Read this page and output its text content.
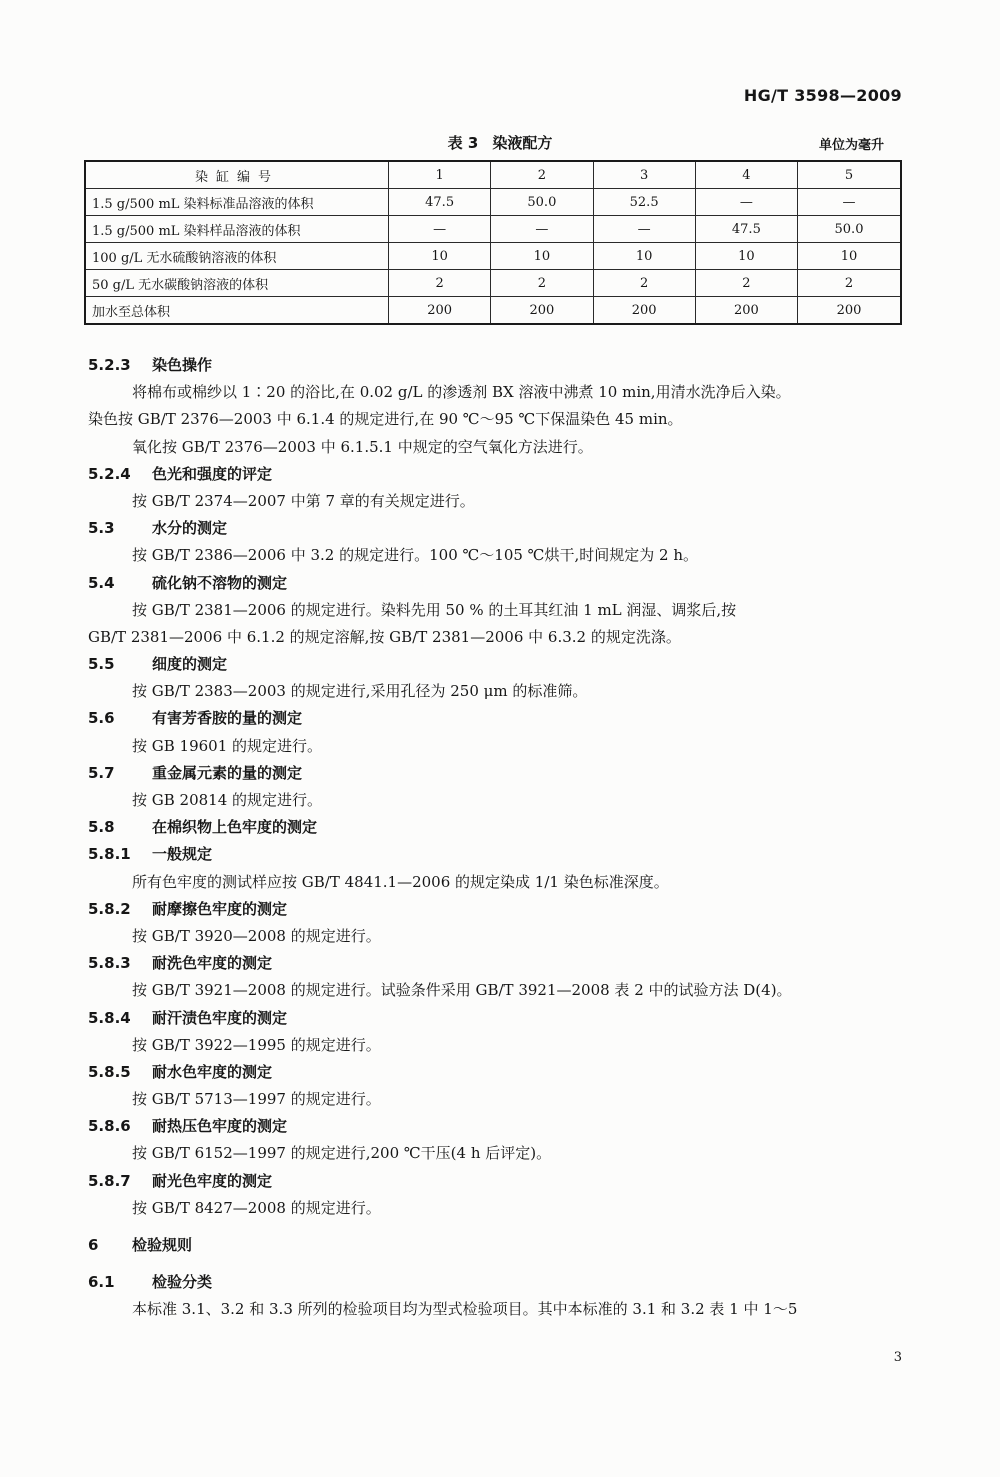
HG/T 3598—2009
表 3 染液配方	单位为毫升
染缸编号	1	2	3	4	5
1.5 g/500 mL 染料标准品溶液的体积	47.5	50.0	52.5	—	—
1.5 g/500 mL 染料样品溶液的体积	—	—	—	47.5	50.0
100 g/L 无水硫酸钠溶液的体积	10	10	10	10	10
50 g/L 无水碳酸钠溶液的体积	2	2	2	2	2
加水至总体积	200	200	200	200	200
5.2.3 染色操作
将棉布或棉纱以 1∶20 的浴比,在 0.02 g/L 的渗透剂 BX 溶液中沸煮 10 min,用清水洗净后入染。
染色按 GB/T 2376—2003 中 6.1.4 的规定进行,在 90 ℃～95 ℃下保温染色 45 min。
氧化按 GB/T 2376—2003 中 6.1.5.1 中规定的空气氧化方法进行。
5.2.4 色光和强度的评定
按 GB/T 2374—2007 中第 7 章的有关规定进行。
5.3 水分的测定
按 GB/T 2386—2006 中 3.2 的规定进行。100 ℃～105 ℃烘干,时间规定为 2 h。
5.4 硫化钠不溶物的测定
按 GB/T 2381—2006 的规定进行。染料先用 50 % 的土耳其红油 1 mL 润湿、调浆后,按
GB/T 2381—2006 中 6.1.2 的规定溶解,按 GB/T 2381—2006 中 6.3.2 的规定洗涤。
5.5 细度的测定
按 GB/T 2383—2003 的规定进行,采用孔径为 250 μm 的标准筛。
5.6 有害芳香胺的量的测定
按 GB 19601 的规定进行。
5.7 重金属元素的量的测定
按 GB 20814 的规定进行。
5.8 在棉织物上色牢度的测定
5.8.1 一般规定
所有色牢度的测试样应按 GB/T 4841.1—2006 的规定染成 1/1 染色标准深度。
5.8.2 耐摩擦色牢度的测定
按 GB/T 3920—2008 的规定进行。
5.8.3 耐洗色牢度的测定
按 GB/T 3921—2008 的规定进行。试验条件采用 GB/T 3921—2008 表 2 中的试验方法 D(4)。
5.8.4 耐汗渍色牢度的测定
按 GB/T 3922—1995 的规定进行。
5.8.5 耐水色牢度的测定
按 GB/T 5713—1997 的规定进行。
5.8.6 耐热压色牢度的测定
按 GB/T 6152—1997 的规定进行,200 ℃干压(4 h 后评定)。
5.8.7 耐光色牢度的测定
按 GB/T 8427—2008 的规定进行。
6 检验规则
6.1 检验分类
本标准 3.1、3.2 和 3.3 所列的检验项目均为型式检验项目。其中本标准的 3.1 和 3.2 表 1 中 1～5
3
